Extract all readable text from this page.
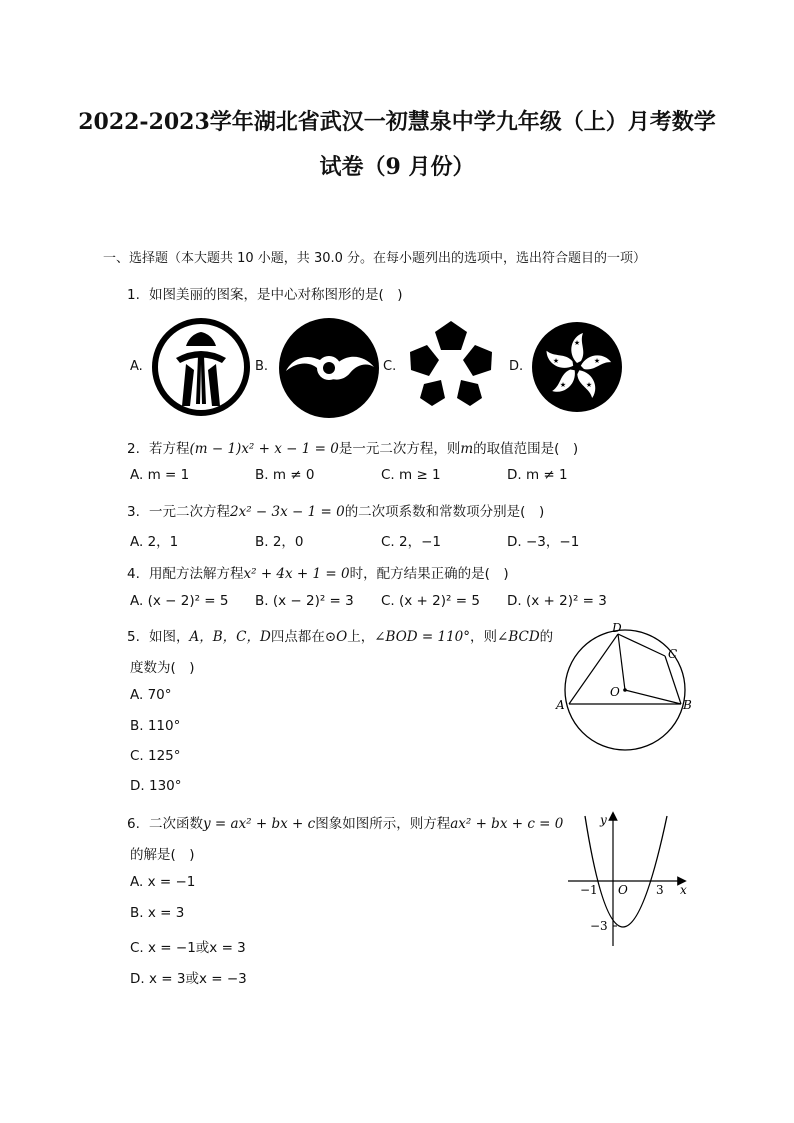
2022-2023学年湖北省武汉一初慧泉中学九年级（上）月考数学
试卷（9 月份）
一、选择题（本大题共 10 小题，共 30.0 分。在每小题列出的选项中，选出符合题目的一项）
1. 如图美丽的图案，是中心对称图形的是(　)
A.	B.	C.	D.
★
★
★
★
★
2. 若方程(m − 1)x² + x − 1 = 0是一元二次方程，则m的取值范围是(　)
A. m = 1	B. m ≠ 0	C. m ≥ 1	D. m ≠ 1
3. 一元二次方程2x² − 3x − 1 = 0的二次项系数和常数项分别是(　)
A. 2，1	B. 2，0	C. 2，−1	D. −3，−1
4. 用配方法解方程x² + 4x + 1 = 0时，配方结果正确的是(　)
A. (x − 2)² = 5 B. (x − 2)² = 3 C. (x + 2)² = 5 D. (x + 2)² = 3
5. 如图，A，B，C，D四点都在⊙O上，∠BOD = 110°，则∠BCD的
度数为(　)
A. 70°
B. 110°
C. 125°
D. 130°
A	B
C
D
O
6. 二次函数y = ax² + bx + c图象如图所示，则方程ax² + bx + c = 0
的解是(　)
A. x = −1
B. x = 3
C. x = −1或x = 3
D. x = 3或x = −3
y
x
O
−1	3
−3
